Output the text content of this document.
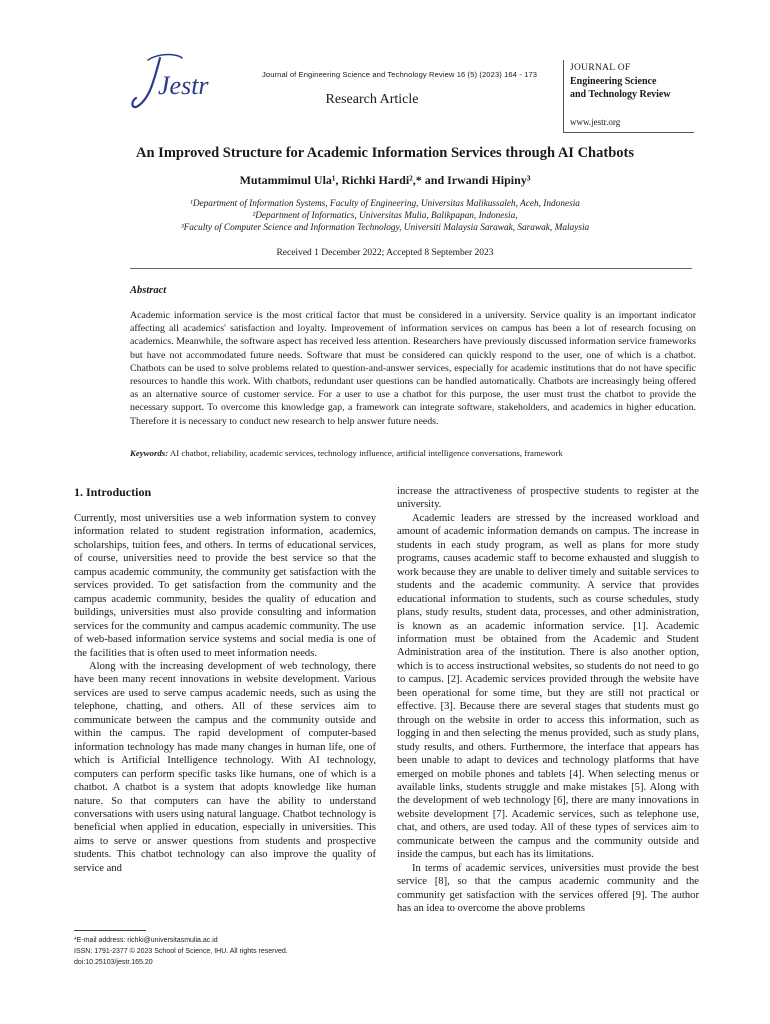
Jestr	Journal of Engineering Science and Technology Review 16 (5) (2023) 164 - 173
Research Article
JOURNAL OF
Engineering Science
and Technology Review
www.jestr.org
An Improved Structure for Academic Information Services through AI Chatbots
Mutammimul Ula¹, Richki Hardi²,* and Irwandi Hipiny³
¹Department of Information Systems, Faculty of Engineering, Universitas Malikussaleh, Aceh, Indonesia
²Department of Informatics, Universitas Mulia, Balikpapan, Indonesia,
³Faculty of Computer Science and Information Technology, Universiti Malaysia Sarawak, Sarawak, Malaysia
Received 1 December 2022; Accepted 8 September 2023
Abstract
Academic information service is the most critical factor that must be considered in a university. Service quality is an important indicator affecting all academics' satisfaction and loyalty. Improvement of information services on campus has been a lot of research focusing on academics. Meanwhile, the software aspect has received less attention. Researchers have previously discussed information service frameworks but have not accommodated future needs. Software that must be considered can quickly respond to the user, one of which is a chatbot. Chatbots can be used to solve problems related to question-and-answer services, especially for academic institutions that do not have specific resources to handle this work. With chatbots, redundant user questions can be handled automatically. Chatbots are increasingly being offered as an alternative source of customer service. For a user to use a chatbot for this purpose, the user must trust the chatbot to provide the necessary support. To overcome this knowledge gap, a framework can integrate software, stakeholders, and academics in higher education. Therefore it is necessary to conduct new research to help answer future needs.
Keywords: AI chatbot, reliability, academic services, technology influence, artificial intelligence conversations, framework
1. Introduction

Currently, most universities use a web information system to convey information related to student registration information, academics, scholarships, tuition fees, and others. In terms of educational services, of course, universities need to provide the best service so that the campus academic community, the community get satisfaction with the services provided. To get satisfaction from the community and the campus academic community, besides the quality of education and buildings, universities must also provide consulting and information services for the community and campus academic community. The use of web-based information service systems and social media is one of the facilities that is often used to meet information needs.

Along with the increasing development of web technology, there have been many recent innovations in website development. Various services are used to serve campus academic needs, such as using the telephone, chatting, and others. All of these services aim to communicate between the campus and the community outside and within the campus. The rapid development of computer-based information technology has made many changes in human life, one of which is Artificial Intelligence technology. With AI technology, computers can perform specific tasks like humans, one of which is a chatbot. A chatbot is a system that adopts knowledge like human nature. So that computers can have the ability to understand conversations with users using natural language. Chatbot technology is beneficial when applied in education, especially in universities. This aims to serve or answer questions from students and prospective students. This chatbot technology can also improve the quality of service and

increase the attractiveness of prospective students to register at the university.

Academic leaders are stressed by the increased workload and amount of academic information demands on campus. The increase in students in each study program, as well as plans for more study programs, causes academic staff to become exhausted and sluggish to work because they are unable to deliver timely and suitable services to students and the academic community. A service that provides educational information to students, such as course schedules, study plans, study results, student data, processes, and other administration, is known as an academic information service. [1]. Academic information must be obtained from the Academic and Student Administration area of the institution. There is also another option, which is to access instructional websites, so students do not need to go to campus. [2]. Academic services provided through the website have been operational for some time, but they are still not practical or effective. [3]. Because there are several stages that students must go through on the website in order to access this information, such as logging in and then selecting the menus provided, such as study plans, study results, and others. Furthermore, the interface that appears has been unable to adapt to devices and technology platforms that have emerged on mobile phones and tablets [4]. When selecting menus or available links, students struggle and make mistakes [5]. Along with the development of web technology [6], there are many innovations in website development [7]. Academic services, such as telephone use, chat, and others, are used today. All of these types of services aim to communicate between the campus and the community outside and inside the campus, but each has its limitations.

In terms of academic services, universities must provide the best service [8], so that the campus academic community and the community get satisfaction with the services offered [9]. The author has an idea to overcome the above problems

*E-mail address: richki@universitasmulia.ac.id
ISSN: 1791-2377 © 2023 School of Science, IHU. All rights reserved.
doi:10.25103/jestr.165.20
